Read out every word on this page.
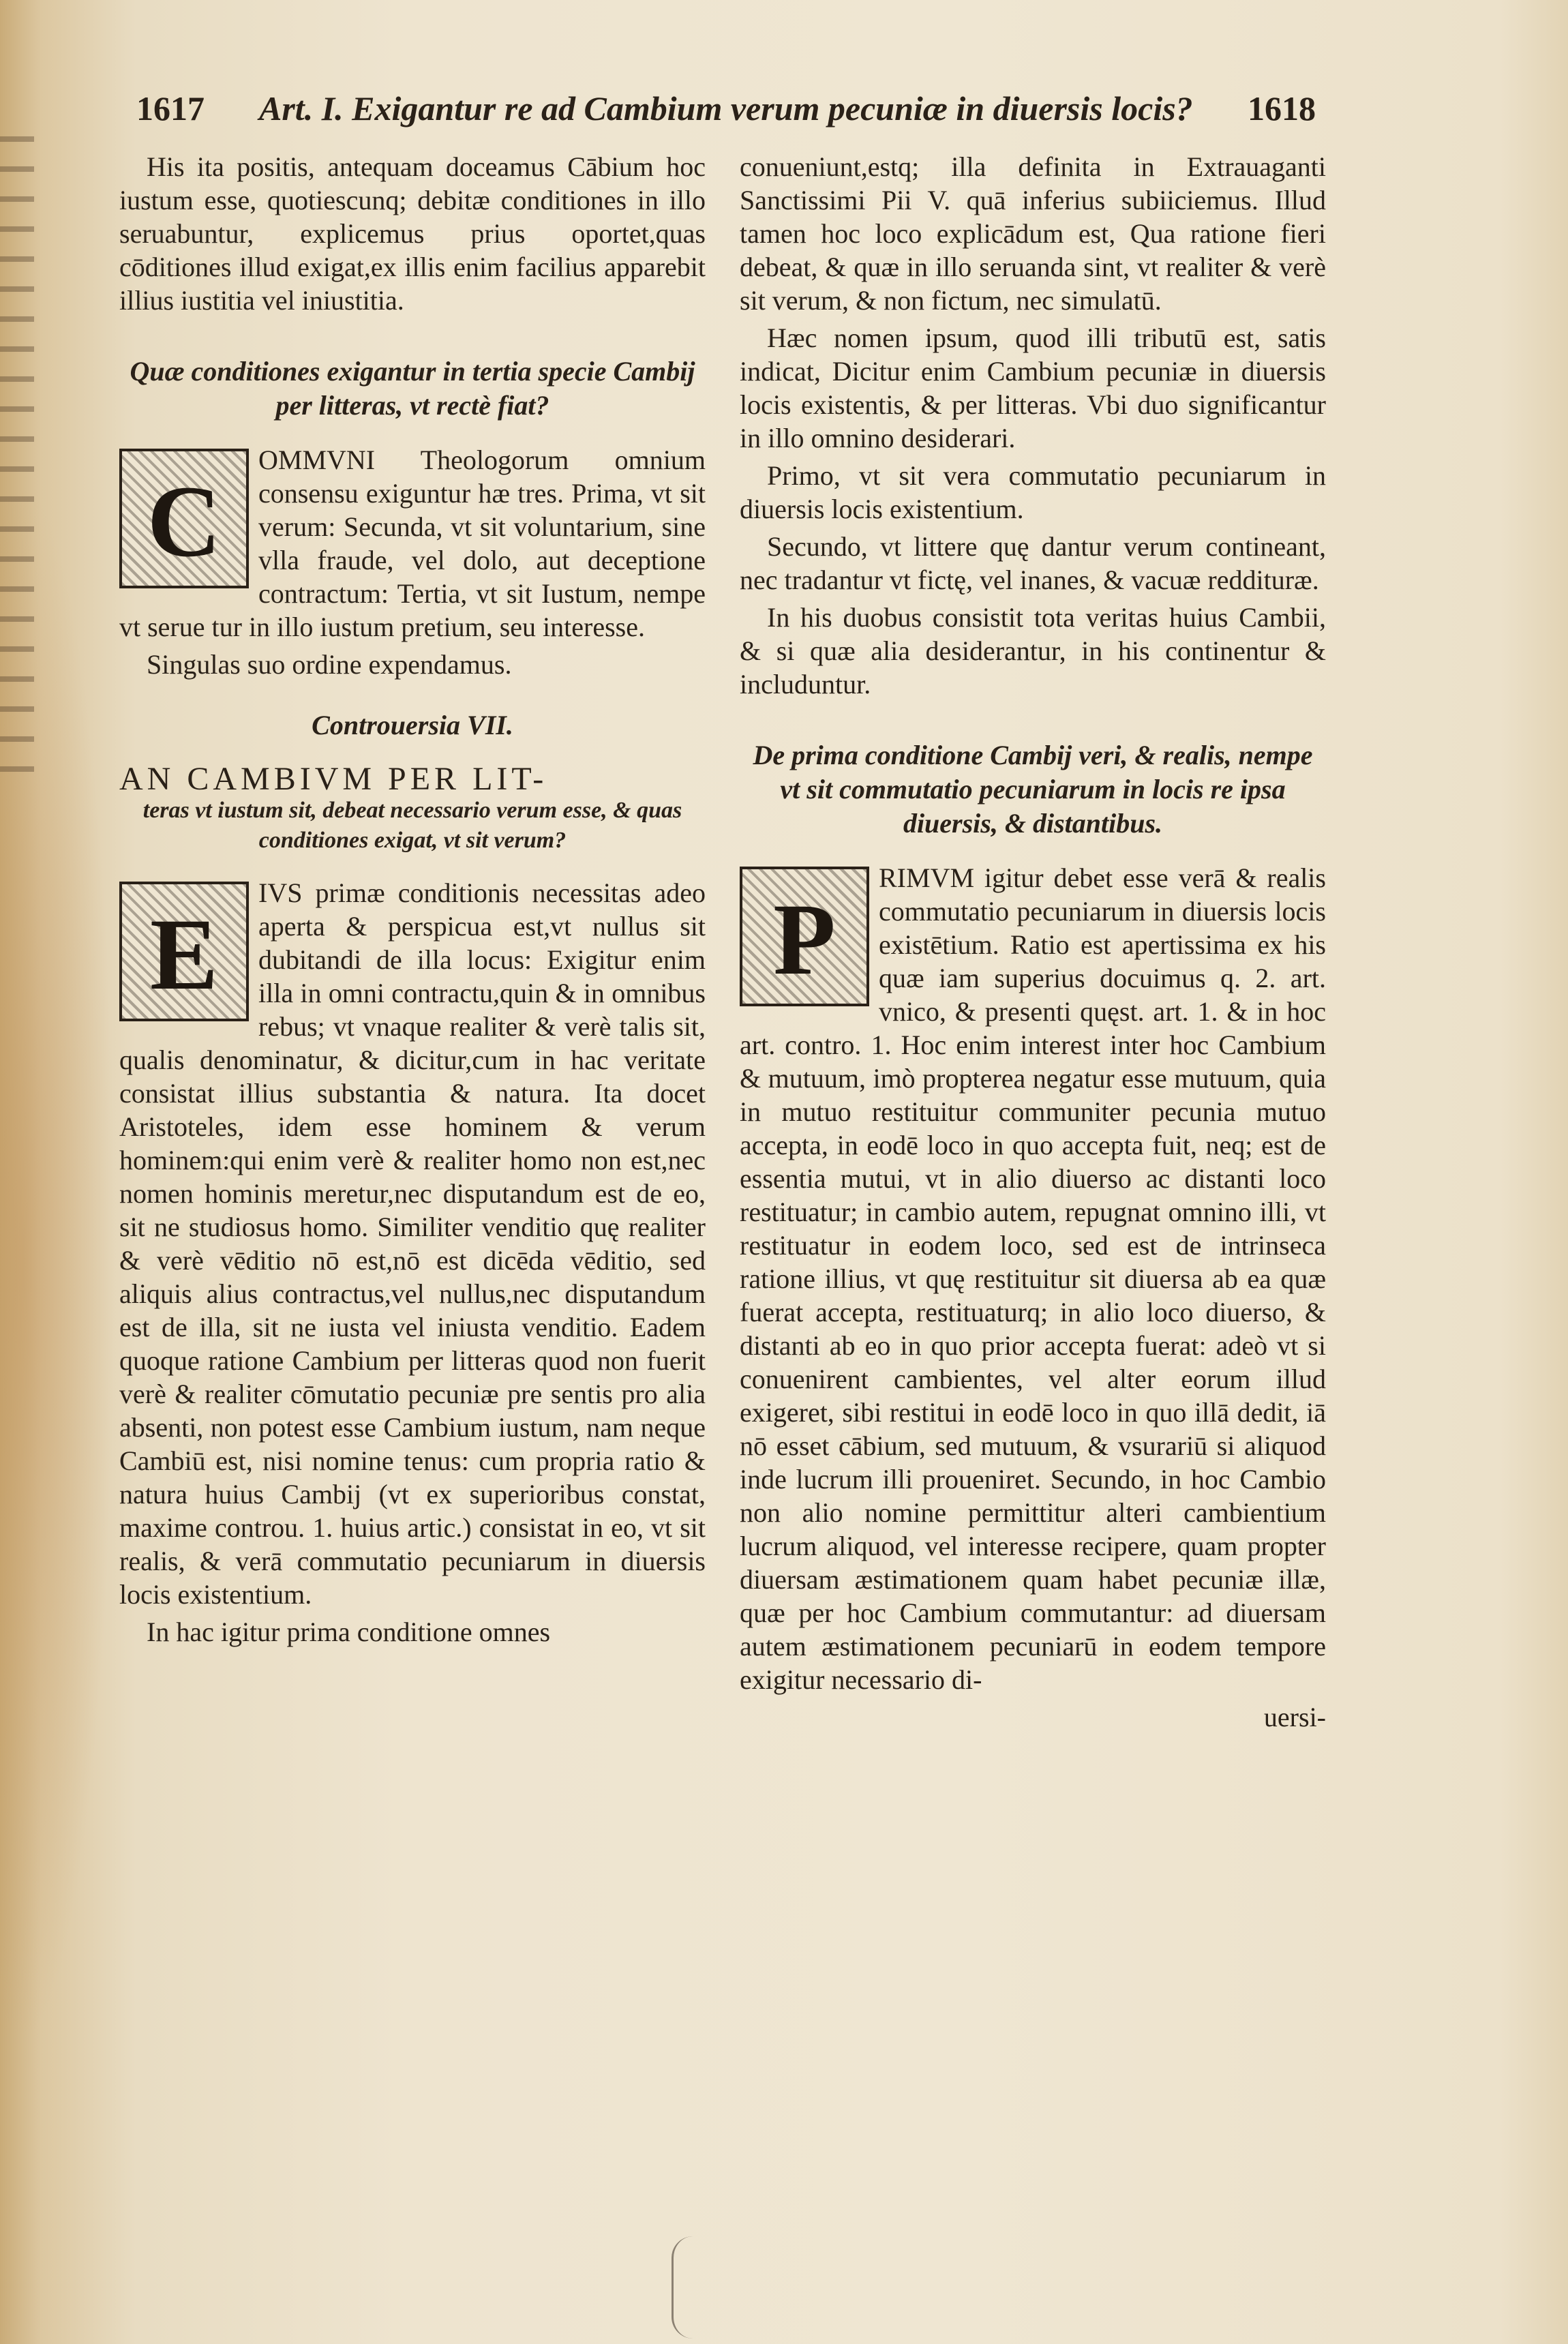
1617 Art. I. Exigantur re ad Cambium verum pecuniæ in diuersis locis? 1618

His ita positis, antequam doceamus Cābium hoc iustum esse, quotiescunq; debitæ conditiones in illo seruabuntur, explicemus prius oportet,quas cōditiones illud exigat,ex illis enim facilius apparebit illius iustitia vel iniustitia.

Quæ conditiones exigantur in tertia specie Cambij per litteras, vt rectè fiat?
C

OMMVNI Theologorum omnium consensu exiguntur hæ tres. Prima, vt sit verum: Secunda, vt sit voluntarium, sine vlla fraude, vel dolo, aut deceptione contractum: Tertia, vt sit Iustum, nempe vt serue tur in illo iustum pretium, seu interesse.

Singulas suo ordine expendamus.

Controuersia VII.
AN CAMBIVM PER LIT-
teras vt iustum sit, debeat necessario verum esse, & quas conditiones exigat, vt sit verum?
E

IVS primæ conditionis necessitas adeo aperta & perspicua est,vt nullus sit dubitandi de illa locus: Exigitur enim illa in omni contractu,quin & in omnibus rebus; vt vnaque realiter & verè talis sit, qualis denominatur, & dicitur,cum in hac veritate consistat illius substantia & natura. Ita docet Aristoteles, idem esse hominem & verum hominem:qui enim verè & realiter homo non est,nec nomen hominis meretur,nec disputandum est de eo, sit ne studiosus homo. Similiter venditio quę realiter & verè vēditio nō est,nō est dicēda vēditio, sed aliquis alius contractus,vel nullus,nec disputandum est de illa, sit ne iusta vel iniusta venditio. Eadem quoque ratione Cambium per litteras quod non fuerit verè & realiter cōmutatio pecuniæ pre sentis pro alia absenti, non potest esse Cambium iustum, nam neque Cambiū est, nisi nomine tenus: cum propria ratio & natura huius Cambij (vt ex superioribus constat, maxime controu. 1. huius artic.) consistat in eo, vt sit realis, & verā commutatio pecuniarum in diuersis locis existentium.

In hac igitur prima conditione omnes

conueniunt,estq; illa definita in Extrauaganti Sanctissimi Pii V. quā inferius subiiciemus. Illud tamen hoc loco explicādum est, Qua ratione fieri debeat, & quæ in illo seruanda sint, vt realiter & verè sit verum, & non fictum, nec simulatū.

Hæc nomen ipsum, quod illi tributū est, satis indicat, Dicitur enim Cambium pecuniæ in diuersis locis existentis, & per litteras. Vbi duo significantur in illo omnino desiderari.

Primo, vt sit vera commutatio pecuniarum in diuersis locis existentium.

Secundo, vt littere quę dantur verum contineant, nec tradantur vt fictę, vel inanes, & vacuæ reddituræ.

In his duobus consistit tota veritas huius Cambii, & si quæ alia desiderantur, in his continentur & includuntur.

De prima conditione Cambij veri, & realis, nempe vt sit commutatio pecuniarum in locis re ipsa diuersis, & distantibus.
P

RIMVM igitur debet esse verā & realis commutatio pecuniarum in diuersis locis existētium. Ratio est apertissima ex his quæ iam superius docuimus q. 2. art. vnico, & presenti quęst. art. 1. & in hoc art. contro. 1. Hoc enim interest inter hoc Cambium & mutuum, imò propterea negatur esse mutuum, quia in mutuo restituitur communiter pecunia mutuo accepta, in eodē loco in quo accepta fuit, neq; est de essentia mutui, vt in alio diuerso ac distanti loco restituatur; in cambio autem, repugnat omnino illi, vt restituatur in eodem loco, sed est de intrinseca ratione illius, vt quę restituitur sit diuersa ab ea quæ fuerat accepta, restituaturq; in alio loco diuerso, & distanti ab eo in quo prior accepta fuerat: adeò vt si conuenirent cambientes, vel alter eorum illud exigeret, sibi restitui in eodē loco in quo illā dedit, iā nō esset cābium, sed mutuum, & vsurariū si aliquod inde lucrum illi proueniret. Secundo, in hoc Cambio non alio nomine permittitur alteri cambientium lucrum aliquod, vel interesse recipere, quam propter diuersam æstimationem quam habet pecuniæ illæ, quæ per hoc Cambium commutantur: ad diuersam autem æstimationem pecuniarū in eodem tempore exigitur necessario di-

uersi-
